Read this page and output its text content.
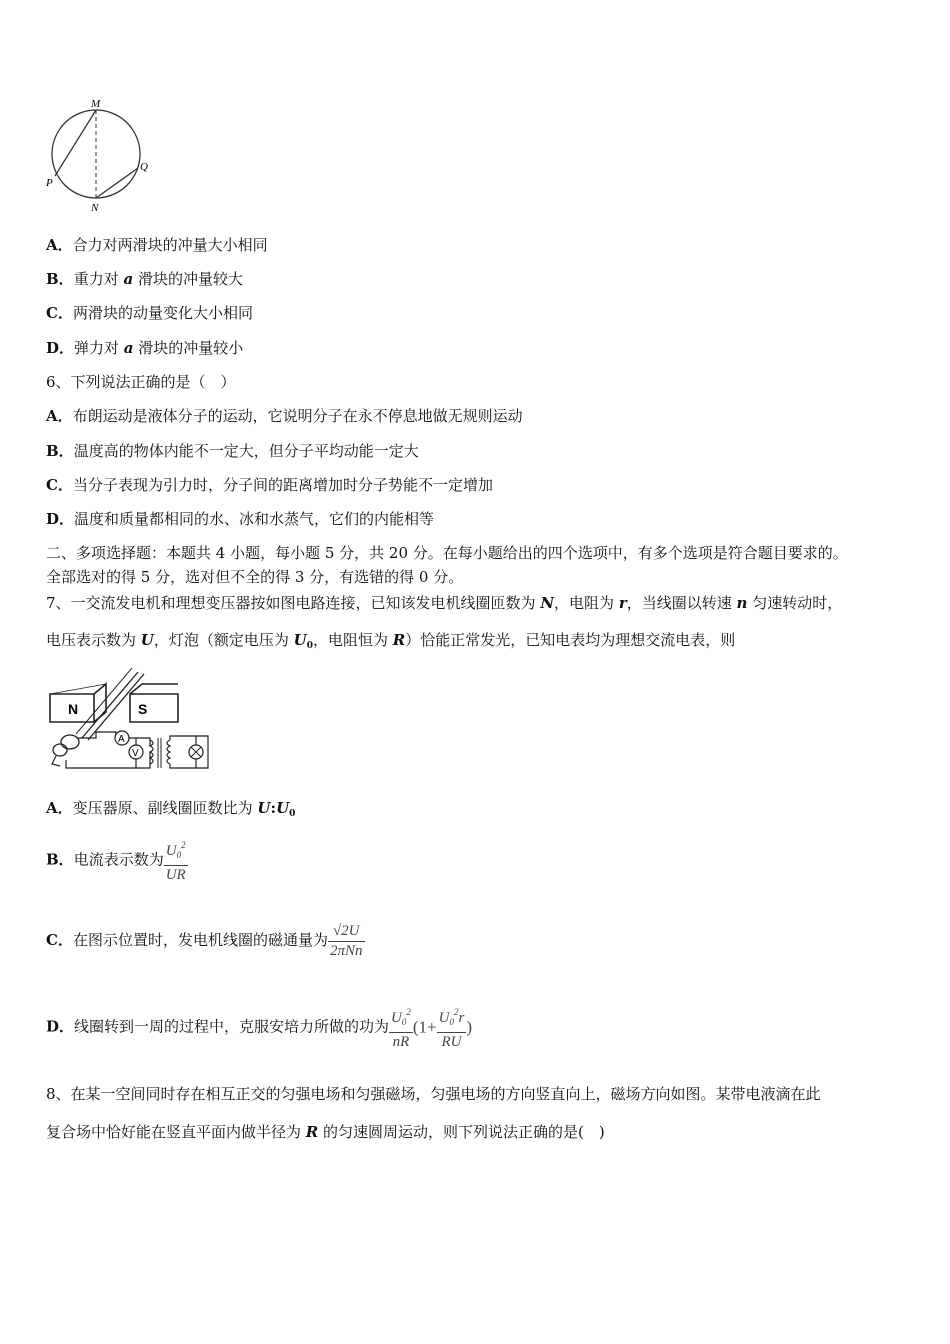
M
P
Q
N
A．合力对两滑块的冲量大小相同
B．重力对 a 滑块的冲量较大
C．两滑块的动量变化大小相同
D．弹力对 a 滑块的冲量较小
6、下列说法正确的是（　）
A．布朗运动是液体分子的运动，它说明分子在永不停息地做无规则运动
B．温度高的物体内能不一定大，但分子平均动能一定大
C．当分子表现为引力时，分子间的距离增加时分子势能不一定增加
D．温度和质量都相同的水、冰和水蒸气，它们的内能相等
二、多项选择题：本题共 4 小题，每小题 5 分，共 20 分。在每小题给出的四个选项中，有多个选项是符合题目要求的。
全部选对的得 5 分，选对但不全的得 3 分，有选错的得 0 分。
7、一交流发电机和理想变压器按如图电路连接，已知该发电机线圈匝数为 N，电阻为 r，当线圈以转速 n 匀速转动时，
电压表示数为 U，灯泡（额定电压为 $U_0$，电阻恒为 R）恰能正常发光，已知电表均为理想交流电表，则
N	S
A
V
A．变压器原、副线圈匝数比为 $U:U_0$
B．电流表示数为 $\frac{U_0^2}{UR}$
C．在图示位置时，发电机线圈的磁通量为 $\frac{√2U}{\text{2πNn}}$
D．线圈转到一周的过程中，克服安培力所做的功为 $\frac{U_0^2}{nR} (1+ \frac{U_0^2r}{RU}$ )
8、在某一空间同时存在相互正交的匀强电场和匀强磁场，匀强电场的方向竖直向上，磁场方向如图。某带电液滴在此
复合场中恰好能在竖直平面内做半径为 R 的匀速圆周运动，则下列说法正确的是(　)
